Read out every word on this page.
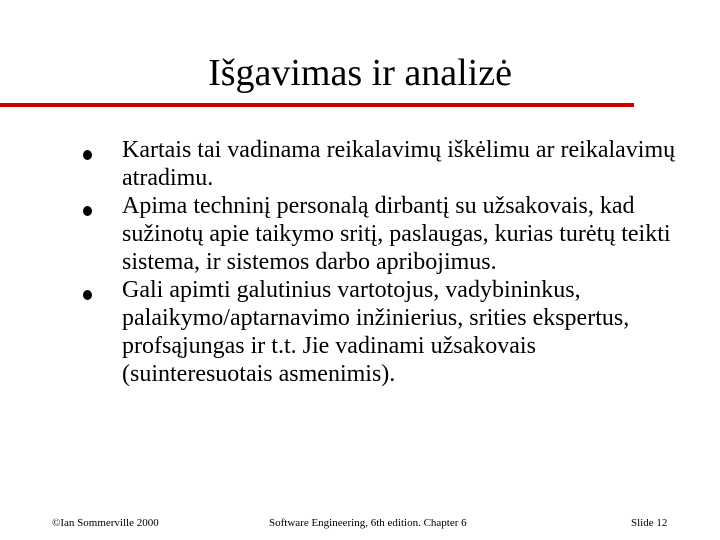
Išgavimas ir analizė
Kartais tai vadinama reikalavimų iškėlimu ar reikalavimų atradimu.
Apima techninį personalą dirbantį su užsakovais, kad sužinotų apie taikymo sritį, paslaugas, kurias turėtų teikti sistema, ir sistemos darbo apribojimus.
Gali apimti galutinius vartotojus, vadybininkus, palaikymo/aptarnavimo inžinierius, srities ekspertus, profsąjungas ir t.t. Jie vadinami užsakovais (suinteresuotais asmenimis).
©Ian Sommerville 2000	Software Engineering, 6th edition. Chapter 6	Slide 12
